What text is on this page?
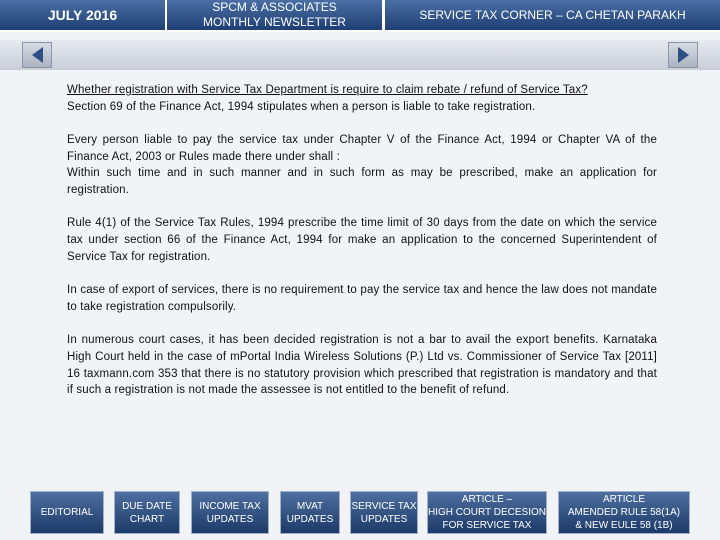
JULY 2016	SPCM & ASSOCIATES
MONTHLY NEWSLETTER	SERVICE TAX CORNER – CA CHETAN PARAKH

Whether registration with Service Tax Department is require to claim rebate / refund of Service Tax?
Section 69 of the Finance Act, 1994 stipulates when a person is liable to take registration.

Every person liable to pay the service tax under Chapter V of the Finance Act, 1994 or Chapter VA of the Finance Act, 2003 or Rules made there under shall :
Within such time and in such manner and in such form as may be prescribed, make an application for registration.

Rule 4(1) of the Service Tax Rules, 1994 prescribe the time limit of 30 days from the date on which the service tax under section 66 of the Finance Act, 1994 for make an application to the concerned Superintendent of Service Tax for registration.

In case of export of services, there is no requirement to pay the service tax and hence the law does not mandate to take registration compulsorily.

In numerous court cases, it has been decided registration is not a bar to avail the export benefits. Karnataka High Court held in the case of mPortal India Wireless Solutions (P.) Ltd vs. Commissioner of Service Tax [2011] 16 taxmann.com 353 that there is no statutory provision which prescribed that registration is mandatory and that if such a registration is not made the assessee is not entitled to the benefit of refund.

EDITORIAL
DUE DATE
CHART
INCOME TAX
UPDATES
MVAT
UPDATES
SERVICE TAX
UPDATES
ARTICLE –
HIGH COURT DECESION
FOR SERVICE TAX
ARTICLE
AMENDED RULE 58(1A)
& NEW EULE 58 (1B)
